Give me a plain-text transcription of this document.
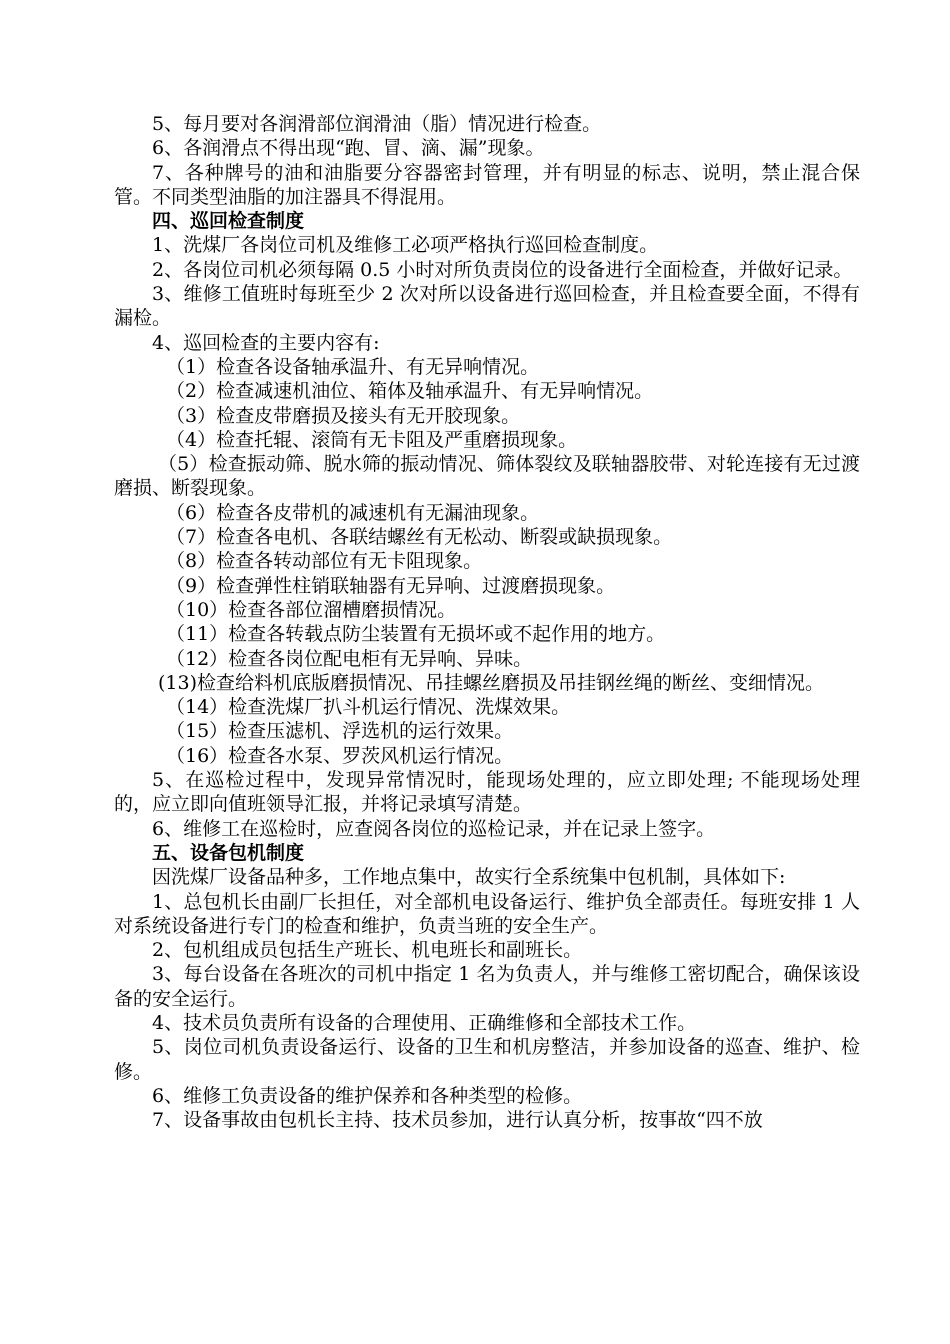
5、每月要对各润滑部位润滑油（脂）情况进行检查。

6、各润滑点不得出现“跑、冒、滴、漏”现象。

7、各种牌号的油和油脂要分容器密封管理，并有明显的标志、说明，禁止混合保管。不同类型油脂的加注器具不得混用。

四、巡回检查制度

1、洗煤厂各岗位司机及维修工必项严格执行巡回检查制度。

2、各岗位司机必须每隔 0.5 小时对所负责岗位的设备进行全面检查，并做好记录。

3、维修工值班时每班至少 2 次对所以设备进行巡回检查，并且检查要全面，不得有漏检。

4、巡回检查的主要内容有:

（1）检查各设备轴承温升、有无异响情况。

（2）检查减速机油位、箱体及轴承温升、有无异响情况。

（3）检查皮带磨损及接头有无开胶现象。

（4）检查托辊、滚筒有无卡阻及严重磨损现象。

（5）检查振动筛、脱水筛的振动情况、筛体裂纹及联轴器胶带、对轮连接有无过渡磨损、断裂现象。

（6）检查各皮带机的减速机有无漏油现象。

（7）检查各电机、各联结螺丝有无松动、断裂或缺损现象。

（8）检查各转动部位有无卡阻现象。

（9）检查弹性柱销联轴器有无异响、过渡磨损现象。

（10）检查各部位溜槽磨损情况。

（11）检查各转载点防尘装置有无损坏或不起作用的地方。

（12）检查各岗位配电柜有无异响、异味。

(13)检查给料机底版磨损情况、吊挂螺丝磨损及吊挂钢丝绳的断丝、变细情况。

（14）检查洗煤厂扒斗机运行情况、洗煤效果。

（15）检查压滤机、浮选机的运行效果。

（16）检查各水泵、罗茨风机运行情况。

5、在巡检过程中，发现异常情况时，能现场处理的，应立即处理; 不能现场处理的，应立即向值班领导汇报，并将记录填写清楚。

6、维修工在巡检时，应查阅各岗位的巡检记录，并在记录上签字。

五、设备包机制度

因洗煤厂设备品种多，工作地点集中，故实行全系统集中包机制，具体如下:

1、总包机长由副厂长担任，对全部机电设备运行、维护负全部责任。每班安排 1 人对系统设备进行专门的检查和维护，负责当班的安全生产。

2、包机组成员包括生产班长、机电班长和副班长。

3、每台设备在各班次的司机中指定 1 名为负责人，并与维修工密切配合，确保该设备的安全运行。

4、技术员负责所有设备的合理使用、正确维修和全部技术工作。

5、岗位司机负责设备运行、设备的卫生和机房整洁，并参加设备的巡查、维护、检修。

6、维修工负责设备的维护保养和各种类型的检修。

7、设备事故由包机长主持、技术员参加，进行认真分析，按事故“四不放
